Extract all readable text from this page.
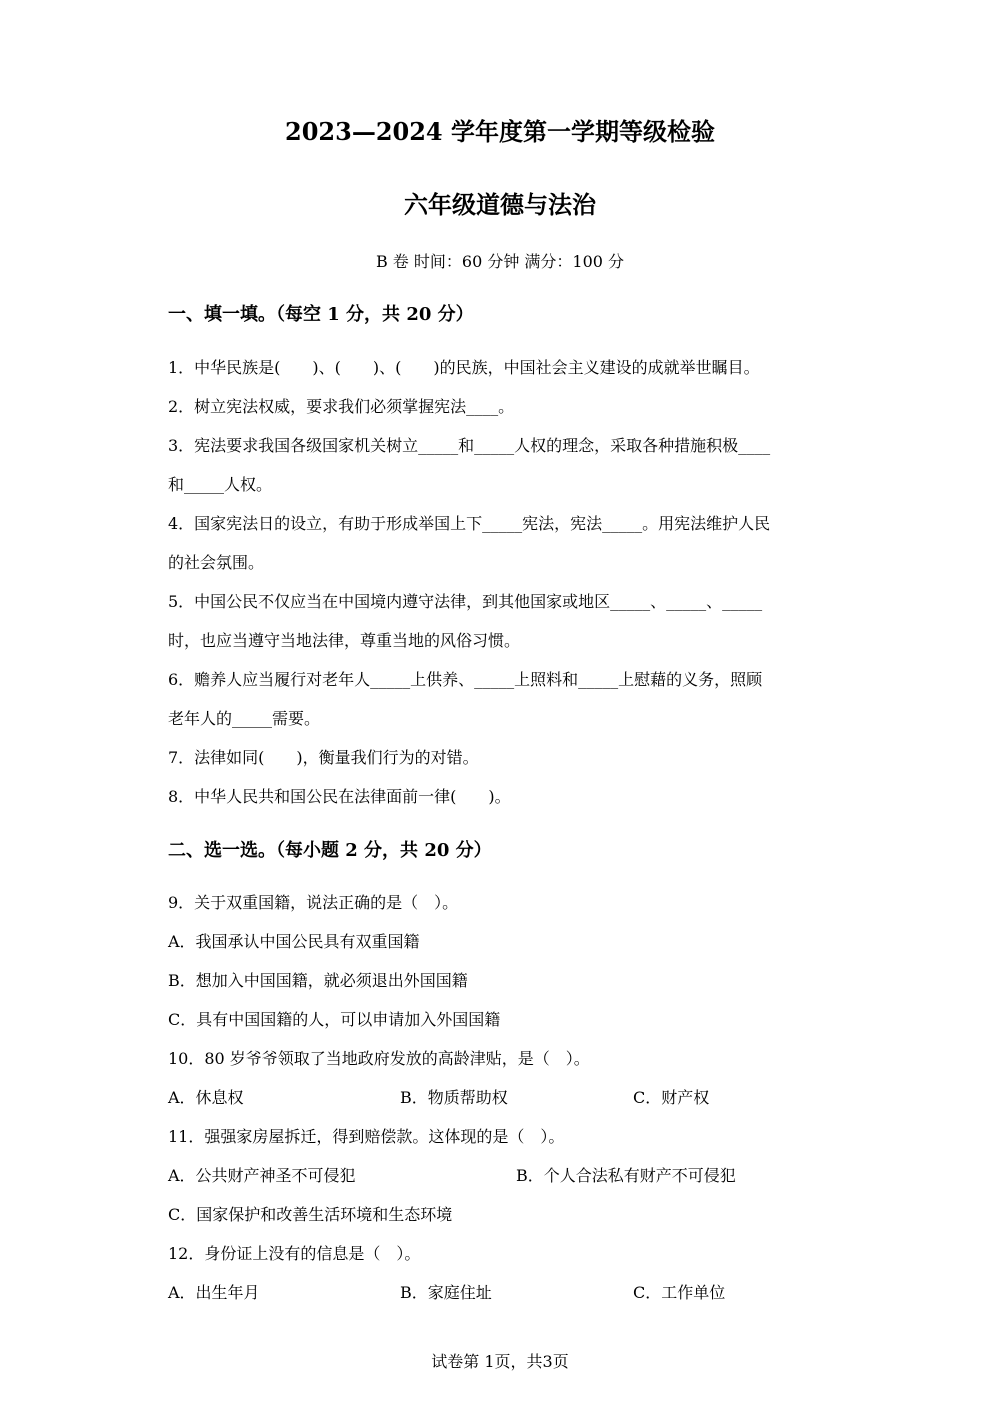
2023—2024 学年度第一学期等级检验
六年级道德与法治
B 卷 时间：60 分钟 满分：100 分
一、填一填。（每空 1 分，共 20 分）
1．中华民族是(　　)、(　　)、(　　)的民族，中国社会主义建设的成就举世瞩目。
2．树立宪法权威，要求我们必须掌握宪法____。
3．宪法要求我国各级国家机关树立_____和_____人权的理念，采取各种措施积极____
和_____人权。
4．国家宪法日的设立，有助于形成举国上下_____宪法，宪法_____。用宪法维护人民
的社会氛围。
5．中国公民不仅应当在中国境内遵守法律，到其他国家或地区_____、_____、_____
时，也应当遵守当地法律，尊重当地的风俗习惯。
6．赡养人应当履行对老年人_____上供养、_____上照料和_____上慰藉的义务，照顾
老年人的_____需要。
7．法律如同(　　)，衡量我们行为的对错。
8．中华人民共和国公民在法律面前一律(　　)。
二、选一选。（每小题 2 分，共 20 分）
9．关于双重国籍，说法正确的是（　）。
A．我国承认中国公民具有双重国籍
B．想加入中国国籍，就必须退出外国国籍
C．具有中国国籍的人，可以申请加入外国国籍
10．80 岁爷爷领取了当地政府发放的高龄津贴，是（　）。
A．休息权	B．物质帮助权	C．财产权
11．强强家房屋拆迁，得到赔偿款。这体现的是（　）。
A．公共财产神圣不可侵犯	B．个人合法私有财产不可侵犯
C．国家保护和改善生活环境和生态环境
12．身份证上没有的信息是（　）。
A．出生年月	B．家庭住址	C．工作单位
试卷第 1页，共3页
